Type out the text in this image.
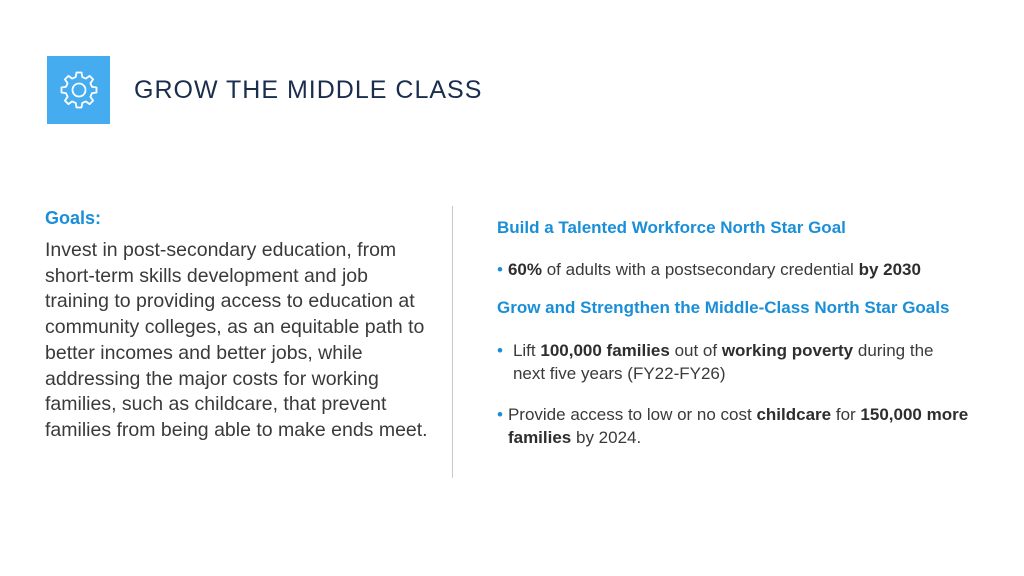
GROW THE MIDDLE CLASS
Goals:
Invest in post-secondary education, from short-term skills development and job training to providing access to education at community colleges, as an equitable path to better incomes and better jobs, while addressing the major costs for working families, such as childcare, that prevent families from being able to make ends meet.
Build a Talented Workforce North Star Goal
• 60% of adults with a postsecondary credential by 2030
Grow and Strengthen the Middle-Class North Star Goals
• Lift 100,000 families out of working poverty during the next five years (FY22-FY26)
• Provide access to low or no cost childcare for 150,000 more families by 2024.
